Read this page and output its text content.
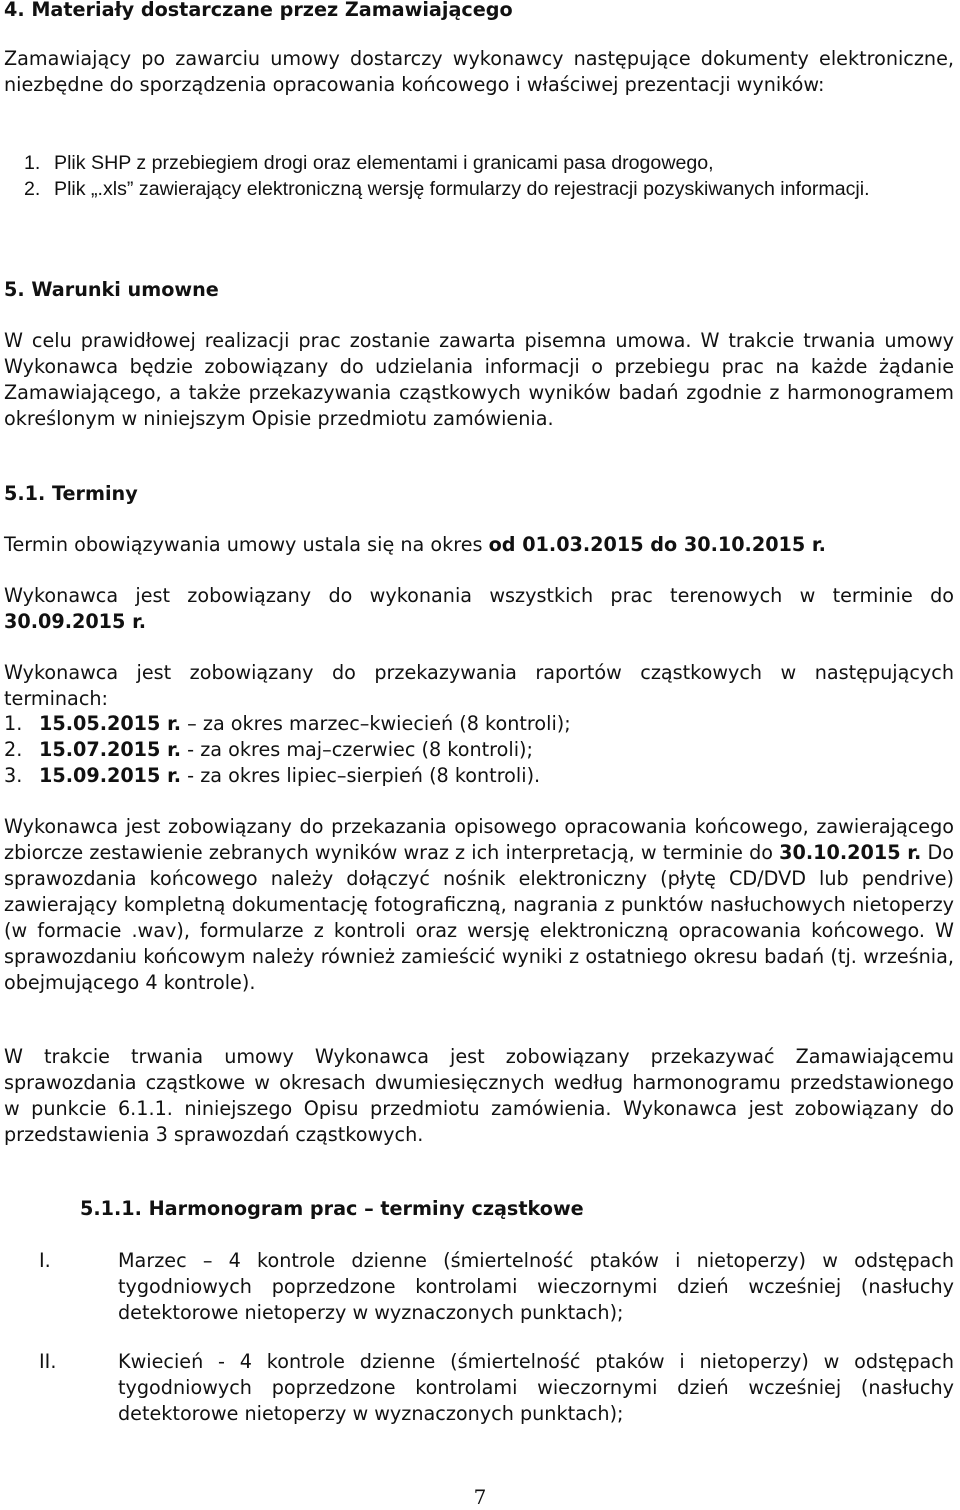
4. Materiały dostarczane przez Zamawiającego

Zamawiający po zawarciu umowy dostarczy wykonawcy następujące dokumenty elektroniczne, niezbędne do sporządzenia opracowania końcowego i właściwej prezentacji wyników:

1. Plik SHP z przebiegiem drogi oraz elementami i granicami pasa drogowego,

2. Plik „.xls” zawierający elektroniczną wersję formularzy do rejestracji pozyskiwanych informacji.

5. Warunki umowne

W celu prawidłowej realizacji prac zostanie zawarta pisemna umowa. W trakcie trwania umowy Wykonawca będzie zobowiązany do udzielania informacji o przebiegu prac na każde żądanie Zamawiającego, a także przekazywania cząstkowych wyników badań zgodnie z harmonogramem określonym w niniejszym Opisie przedmiotu zamówienia.

5.1. Terminy

Termin obowiązywania umowy ustala się na okres od 01.03.2015 do 30.10.2015 r.

Wykonawca jest zobowiązany do wykonania wszystkich prac terenowych w terminie do 30.09.2015 r.

Wykonawca jest zobowiązany do przekazywania raportów cząstkowych w następujących terminach:

1. 15.05.2015 r. – za okres marzec–kwiecień (8 kontroli);

2. 15.07.2015 r. - za okres maj–czerwiec (8 kontroli);

3. 15.09.2015 r. - za okres lipiec–sierpień (8 kontroli).

Wykonawca jest zobowiązany do przekazania opisowego opracowania końcowego, zawierającego zbiorcze zestawienie zebranych wyników wraz z ich interpretacją, w terminie do 30.10.2015 r. Do sprawozdania końcowego należy dołączyć nośnik elektroniczny (płytę CD/DVD lub pendrive) zawierający kompletną dokumentację fotograficzną, nagrania z punktów nasłuchowych nietoperzy (w formacie .wav), formularze z kontroli oraz wersję elektroniczną opracowania końcowego. W sprawozdaniu końcowym należy również zamieścić wyniki z ostatniego okresu badań (tj. września, obejmującego 4 kontrole).

W trakcie trwania umowy Wykonawca jest zobowiązany przekazywać Zamawiającemu sprawozdania cząstkowe w okresach dwumiesięcznych według harmonogramu przedstawionego w punkcie 6.1.1. niniejszego Opisu przedmiotu zamówienia. Wykonawca jest zobowiązany do przedstawienia 3 sprawozdań cząstkowych.

5.1.1. Harmonogram prac – terminy cząstkowe

I.	Marzec – 4 kontrole dzienne (śmiertelność ptaków i nietoperzy) w odstępach tygodniowych poprzedzone kontrolami wieczornymi dzień wcześniej (nasłuchy detektorowe nietoperzy w wyznaczonych punktach);

II.	Kwiecień - 4 kontrole dzienne (śmiertelność ptaków i nietoperzy) w odstępach tygodniowych poprzedzone kontrolami wieczornymi dzień wcześniej (nasłuchy detektorowe nietoperzy w wyznaczonych punktach);

7
